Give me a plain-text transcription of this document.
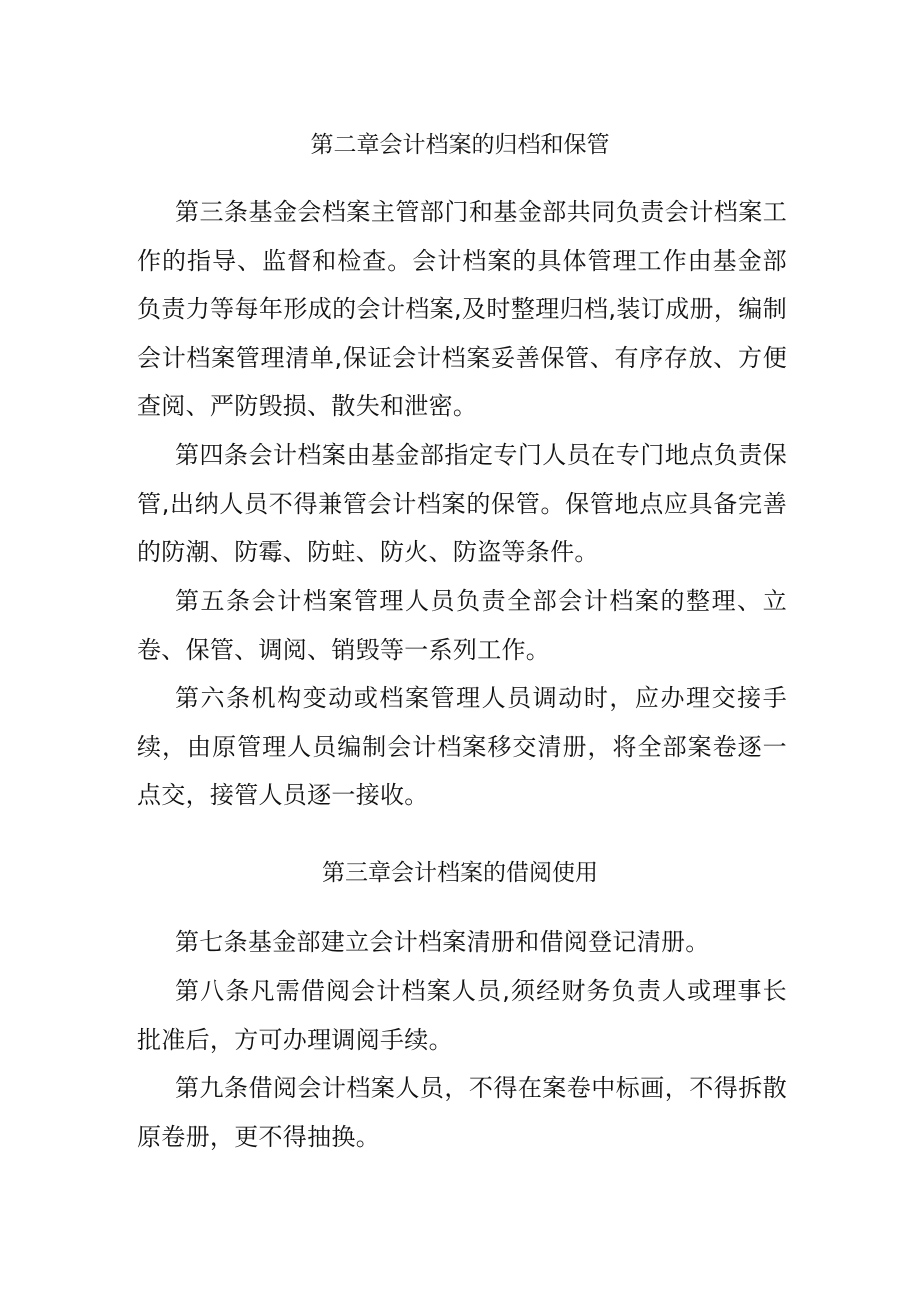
第二章会计档案的归档和保管

第三条基金会档案主管部门和基金部共同负责会计档案工作的指导、监督和检查。会计档案的具体管理工作由基金部负责力等每年形成的会计档案,及时整理归档,装订成册，编制会计档案管理清单,保证会计档案妥善保管、有序存放、方便查阅、严防毁损、散失和泄密。

第四条会计档案由基金部指定专门人员在专门地点负责保管,出纳人员不得兼管会计档案的保管。保管地点应具备完善的防潮、防霉、防蛀、防火、防盗等条件。

第五条会计档案管理人员负责全部会计档案的整理、立卷、保管、调阅、销毁等一系列工作。

第六条机构变动或档案管理人员调动时，应办理交接手续，由原管理人员编制会计档案移交清册，将全部案卷逐一点交，接管人员逐一接收。

第三章会计档案的借阅使用

第七条基金部建立会计档案清册和借阅登记清册。

第八条凡需借阅会计档案人员,须经财务负责人或理事长批准后，方可办理调阅手续。

第九条借阅会计档案人员，不得在案卷中标画，不得拆散原卷册，更不得抽换。
